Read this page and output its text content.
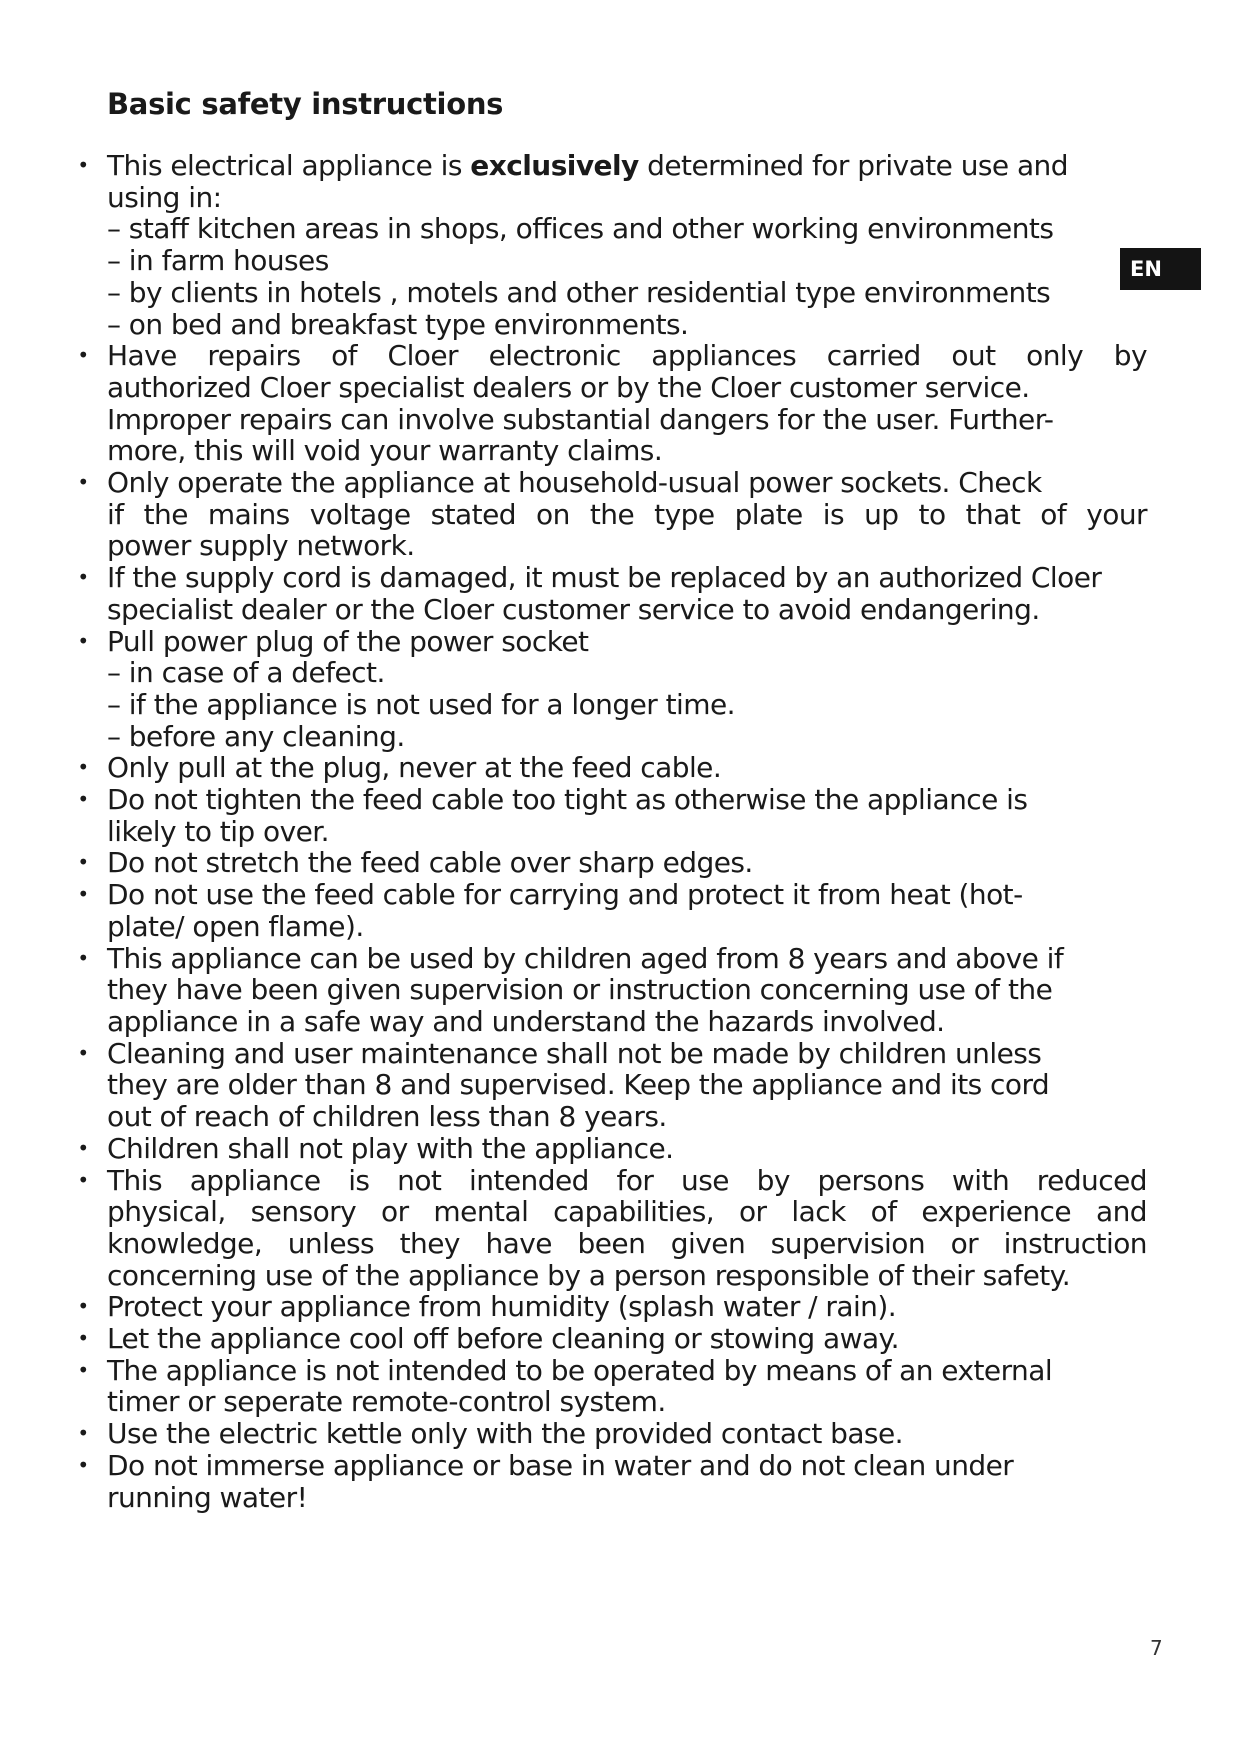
Basic safety instructions
EN
• This electrical appliance is exclusively determined for private use and
using in:
– staff kitchen areas in shops, offices and other working environments
– in farm houses
– by clients in hotels , motels and other residential type environments
– on bed and breakfast type environments.
• Have repairs of Cloer electronic appliances carried out only by
authorized Cloer specialist dealers or by the Cloer customer service.
Improper repairs can involve substantial dangers for the user. Further-
more, this will void your warranty claims.
• Only operate the appliance at household-usual power sockets. Check
if the mains voltage stated on the type plate is up to that of your
power supply network.
• If the supply cord is damaged, it must be replaced by an authorized Cloer
specialist dealer or the Cloer customer service to avoid endangering.
• Pull power plug of the power socket
– in case of a defect.
– if the appliance is not used for a longer time.
– before any cleaning.
• Only pull at the plug, never at the feed cable.
• Do not tighten the feed cable too tight as otherwise the appliance is
likely to tip over.
• Do not stretch the feed cable over sharp edges.
• Do not use the feed cable for carrying and protect it from heat (hot-
plate/ open flame).
• This appliance can be used by children aged from 8 years and above if
they have been given supervision or instruction concerning use of the
appliance in a safe way and understand the hazards involved.
• Cleaning and user maintenance shall not be made by children unless
they are older than 8 and supervised. Keep the appliance and its cord
out of reach of children less than 8 years.
• Children shall not play with the appliance.
• This appliance is not intended for use by persons with reduced
physical, sensory or mental capabilities, or lack of experience and
knowledge, unless they have been given supervision or instruction
concerning use of the appliance by a person responsible of their safety.
• Protect your appliance from humidity (splash water / rain).
• Let the appliance cool off before cleaning or stowing away.
• The appliance is not intended to be operated by means of an external
timer or seperate remote-control system.
• Use the electric kettle only with the provided contact base.
• Do not immerse appliance or base in water and do not clean under
running water!
7
